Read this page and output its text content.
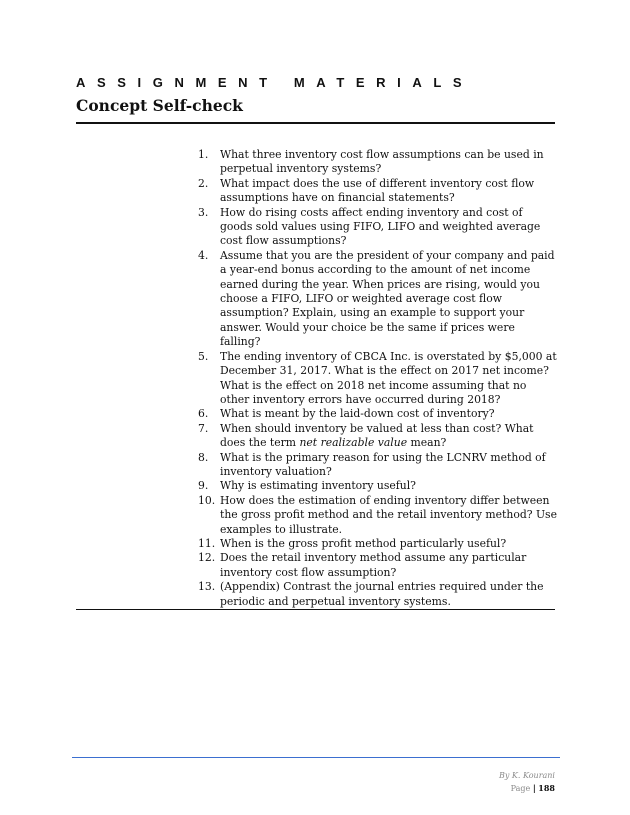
ASSIGNMENT MATERIALS
Concept Self-check
1. What three inventory cost flow assumptions can be used in perpetual inventory systems?
2. What impact does the use of different inventory cost flow assumptions have on financial statements?
3. How do rising costs affect ending inventory and cost of goods sold values using FIFO, LIFO and weighted average cost flow assumptions?
4. Assume that you are the president of your company and paid a year-end bonus according to the amount of net income earned during the year. When prices are rising, would you choose a FIFO, LIFO or weighted average cost flow assumption? Explain, using an example to support your answer. Would your choice be the same if prices were falling?
5. The ending inventory of CBCA Inc. is overstated by $5,000 at December 31, 2017. What is the effect on 2017 net income? What is the effect on 2018 net income assuming that no other inventory errors have occurred during 2018?
6. What is meant by the laid-down cost of inventory?
7. When should inventory be valued at less than cost? What does the term net realizable value mean?
8. What is the primary reason for using the LCNRV method of inventory valuation?
9. Why is estimating inventory useful?
10. How does the estimation of ending inventory differ between the gross profit method and the retail inventory method? Use examples to illustrate.
11. When is the gross profit method particularly useful?
12. Does the retail inventory method assume any particular inventory cost flow assumption?
13. (Appendix) Contrast the journal entries required under the periodic and perpetual inventory systems.
By K. Kourani
Page | 188
